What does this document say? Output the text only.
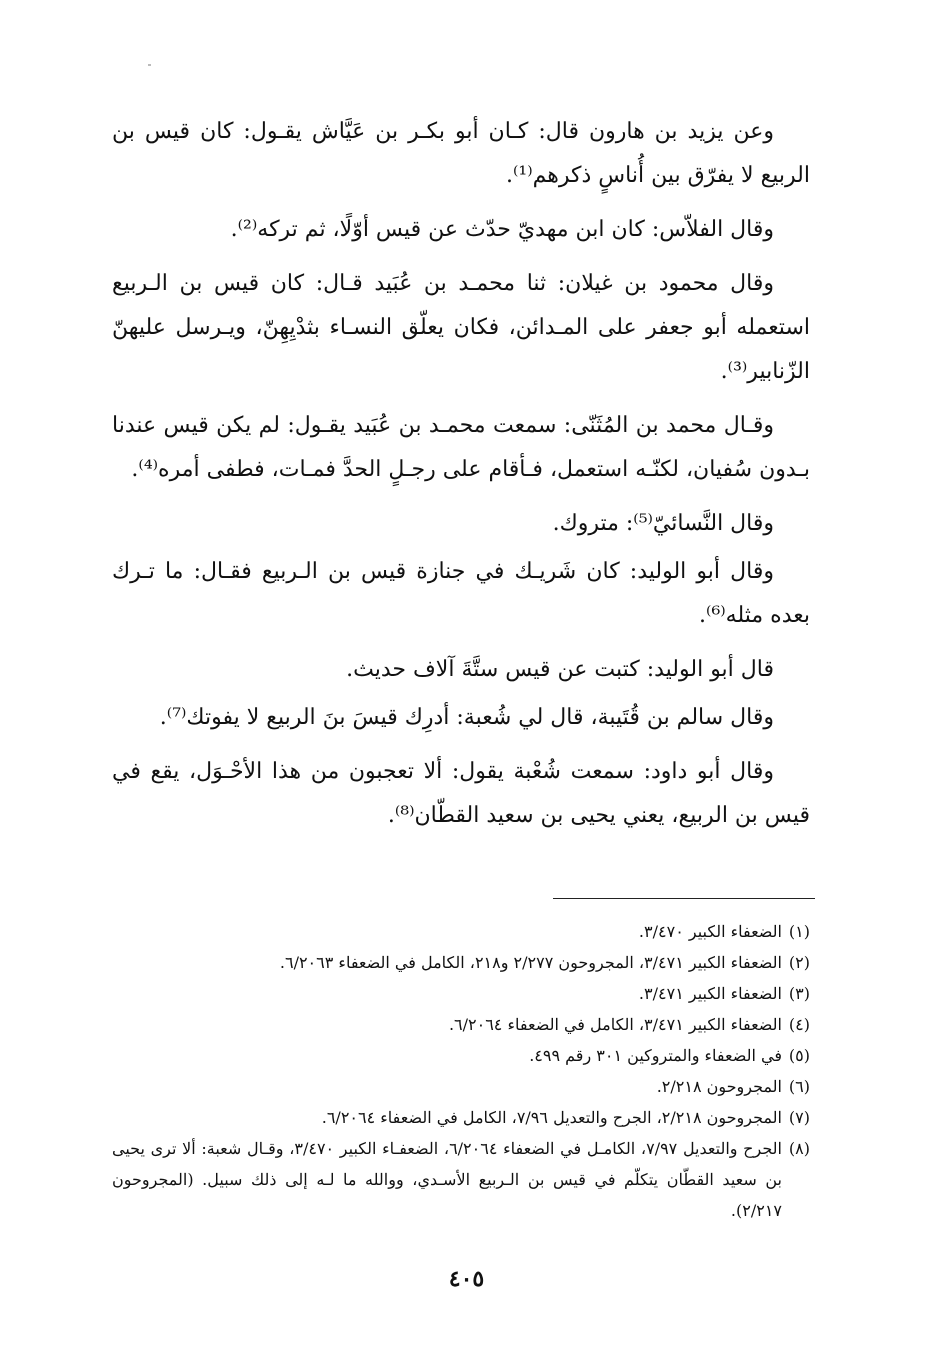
وعن يزيد بن هارون قال: كـان أبو بكـر بن عَيَّاش يقـول: كان قيس بن الربيع لا يفرّق بين أُناسٍ ذكرهم⁽¹⁾.

وقال الفلاّس: كان ابن مهديّ حدّث عن قيس أوّلًا، ثم تركه⁽²⁾.

وقال محمود بن غيلان: ثنا محمـد بن عُبَيد قـال: كان قيس بن الـربيع استعمله أبو جعفر على المـدائن، فكان يعلّق النسـاء بثدْيِهِنّ، ويـرسل عليهنّ الزّنابير⁽³⁾.

وقـال محمد بن المُثَنّى: سمعت محمـد بن عُبَيد يقـول: لم يكن قيس عندنا بـدون سُفيان، لكنّـه استعمل، فـأقام على رجـلٍ الحدَّ فمـات، فطفى أمره⁽⁴⁾.

وقال النَّسائيّ⁽⁵⁾: متروك.

وقال أبو الوليد: كان شَريـك في جنازة قيس بن الـربيع فقـال: ما تـرك بعده مثله⁽⁶⁾.

قال أبو الوليد: كتبت عن قيس ستَّةَ آلاف حديث.

وقال سالم بن قُتَيبة، قال لي شُعبة: أدرِك قيسَ بنَ الربيع لا يفوتك⁽⁷⁾.

وقال أبو داود: سمعت شُعْبة يقول: ألا تعجبون من هذا الأحْـوَل، يقع في قيس بن الربيع، يعني يحيى بن سعيد القطّان⁽⁸⁾.

(١)
الضعفاء الكبير ٣/٤٧٠.

(٢)
الضعفاء الكبير ٣/٤٧١، المجروحون ٢/٢٧٧ و٢١٨، الكامل في الضعفاء ٦/٢٠٦٣.

(٣)
الضعفاء الكبير ٣/٤٧١.

(٤)
الضعفاء الكبير ٣/٤٧١، الكامل في الضعفاء ٦/٢٠٦٤.

(٥)
في الضعفاء والمتروكين ٣٠١ رقم ٤٩٩.

(٦)
المجروحون ٢/٢١٨.

(٧)
المجروحون ٢/٢١٨، الجرح والتعديل ٧/٩٦، الكامل في الضعفاء ٦/٢٠٦٤.

(٨)
الجرح والتعديل ٧/٩٧، الكامـل في الضعفاء ٦/٢٠٦٤، الضعفـاء الكبير ٣/٤٧٠، وقـال شعبة: ألا ترى يحيى بن سعيد القطّان يتكلّم في قيس بن الـربيع الأسـدي، ووالله ما لـه إلى ذلك سبيل. (المجروحون ٢/٢١٧).

٤٠٥
